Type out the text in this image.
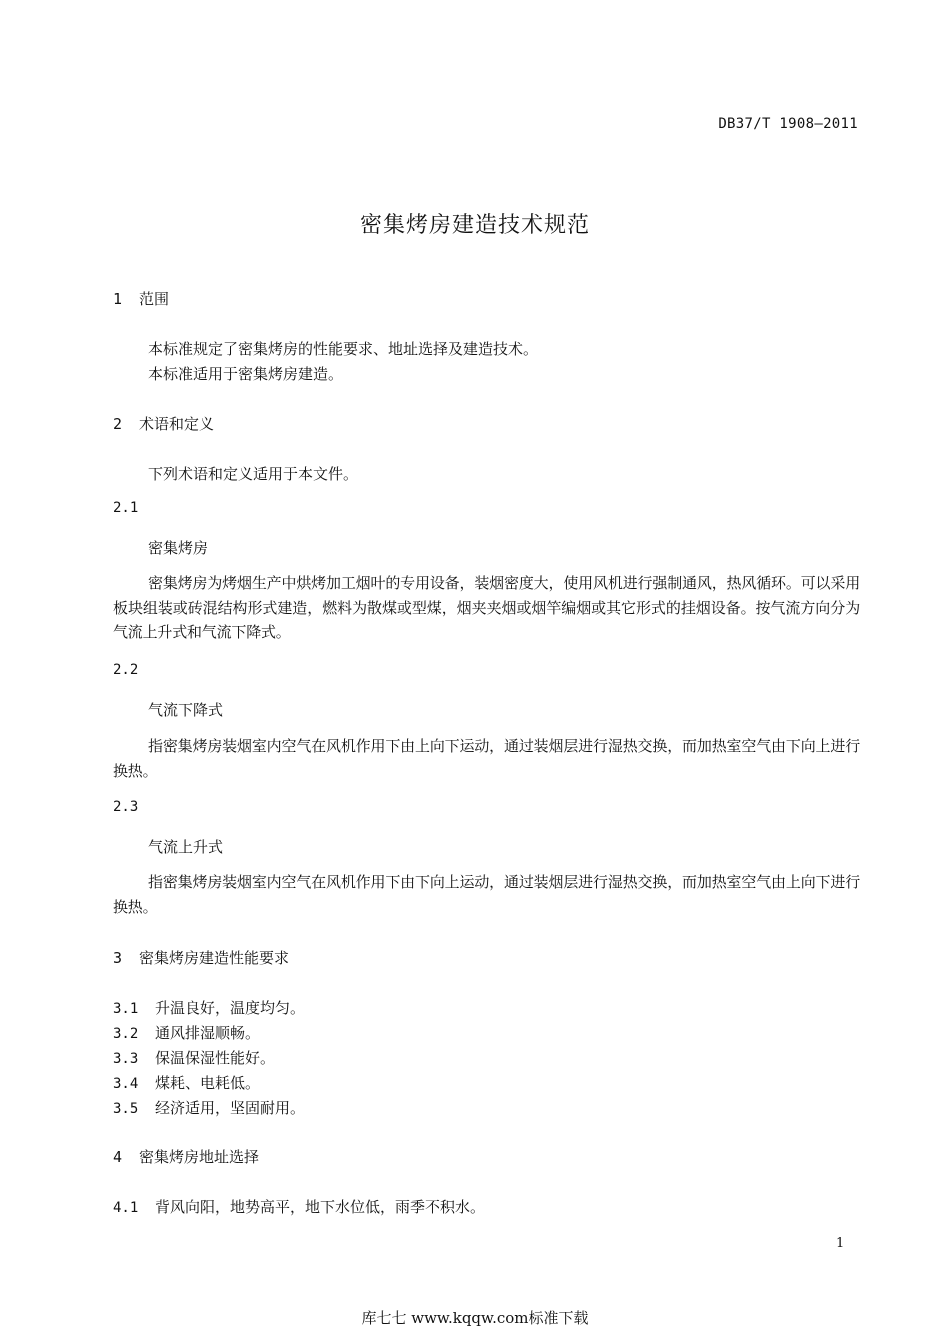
DB37/T 1908—2011
密集烤房建造技术规范
1 范围
本标准规定了密集烤房的性能要求、地址选择及建造技术。
本标准适用于密集烤房建造。
2 术语和定义
下列术语和定义适用于本文件。
2.1
密集烤房
密集烤房为烤烟生产中烘烤加工烟叶的专用设备，装烟密度大，使用风机进行强制通风，热风循环。可以采用板块组装或砖混结构形式建造，燃料为散煤或型煤，烟夹夹烟或烟竿编烟或其它形式的挂烟设备。按气流方向分为气流上升式和气流下降式。
2.2
气流下降式
指密集烤房装烟室内空气在风机作用下由上向下运动，通过装烟层进行湿热交换，而加热室空气由下向上进行换热。
2.3
气流上升式
指密集烤房装烟室内空气在风机作用下由下向上运动，通过装烟层进行湿热交换，而加热室空气由上向下进行换热。
3 密集烤房建造性能要求
3.1 升温良好，温度均匀。
3.2 通风排湿顺畅。
3.3 保温保湿性能好。
3.4 煤耗、电耗低。
3.5 经济适用，坚固耐用。
4 密集烤房地址选择
4.1 背风向阳，地势高平，地下水位低，雨季不积水。
1
库七七 www.kqqw.com标准下载
